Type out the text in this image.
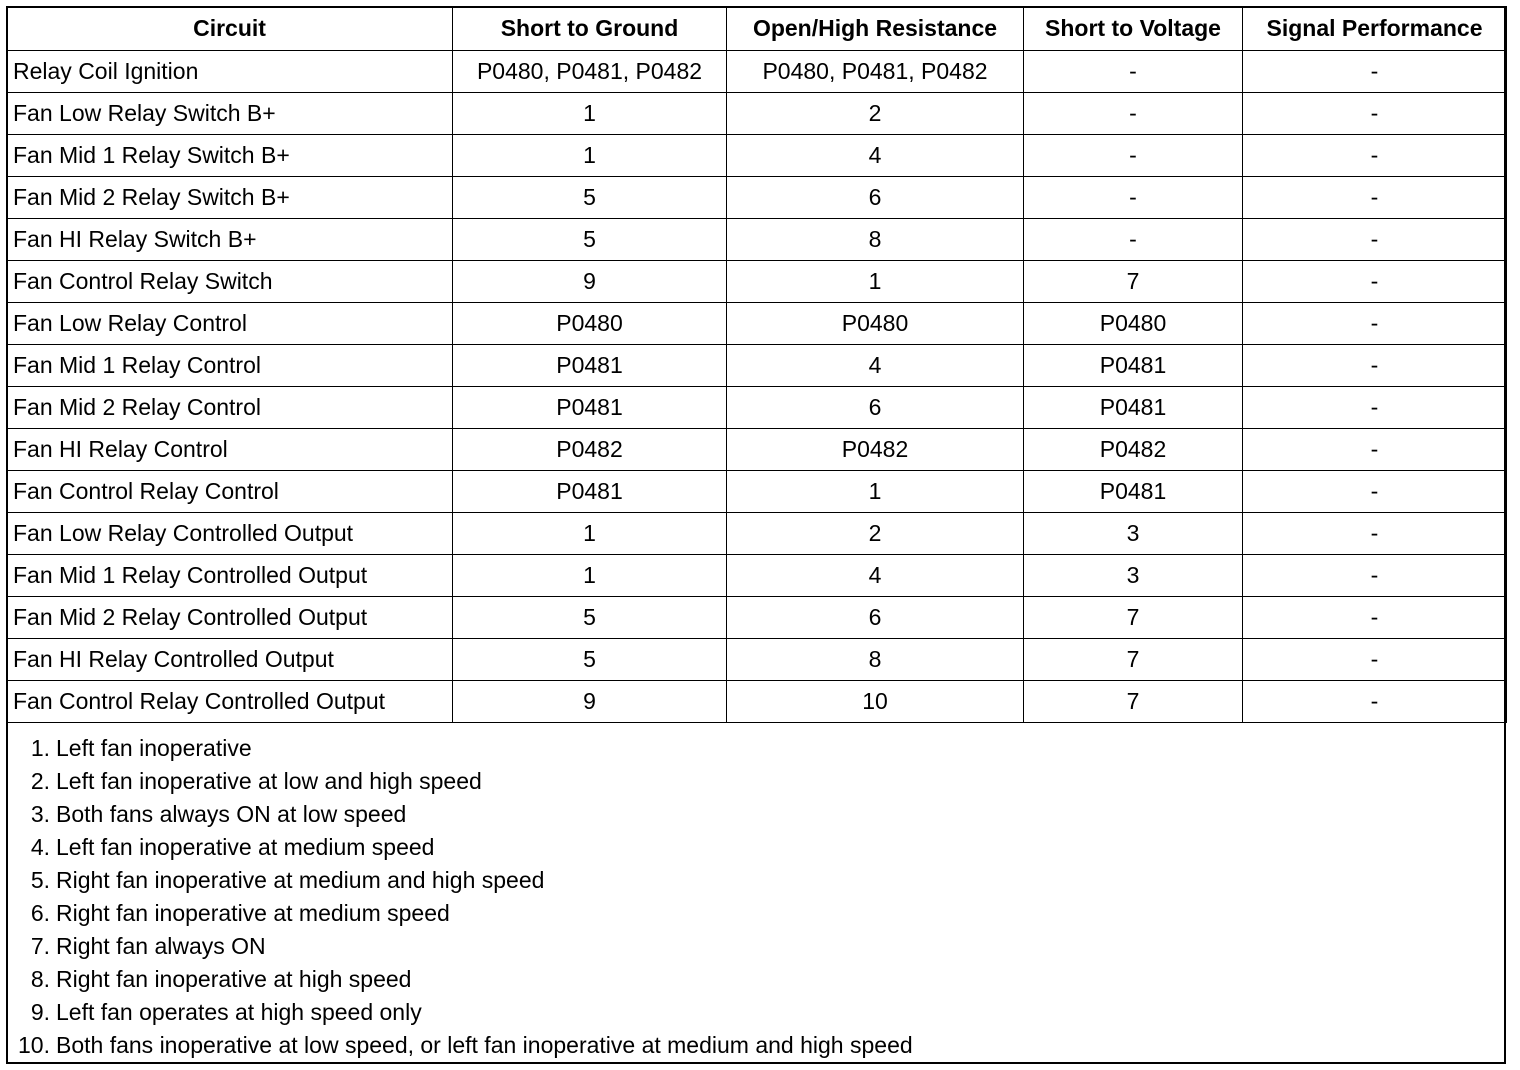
Circuit	Short to Ground	Open/High Resistance	Short to Voltage	Signal Performance
Relay Coil Ignition	P0480, P0481, P0482	P0480, P0481, P0482	-	-
Fan Low Relay Switch B+	1	2	-	-
Fan Mid 1 Relay Switch B+	1	4	-	-
Fan Mid 2 Relay Switch B+	5	6	-	-
Fan HI Relay Switch B+	5	8	-	-
Fan Control Relay Switch	9	1	7	-
Fan Low Relay Control	P0480	P0480	P0480	-
Fan Mid 1 Relay Control	P0481	4	P0481	-
Fan Mid 2 Relay Control	P0481	6	P0481	-
Fan HI Relay Control	P0482	P0482	P0482	-
Fan Control Relay Control	P0481	1	P0481	-
Fan Low Relay Controlled Output	1	2	3	-
Fan Mid 1 Relay Controlled Output	1	4	3	-
Fan Mid 2 Relay Controlled Output	5	6	7	-
Fan HI Relay Controlled Output	5	8	7	-
Fan Control Relay Controlled Output	9	10	7	-
1. Left fan inoperative
2. Left fan inoperative at low and high speed
3. Both fans always ON at low speed
4. Left fan inoperative at medium speed
5. Right fan inoperative at medium and high speed
6. Right fan inoperative at medium speed
7. Right fan always ON
8. Right fan inoperative at high speed
9. Left fan operates at high speed only
10. Both fans inoperative at low speed, or left fan inoperative at medium and high speed
